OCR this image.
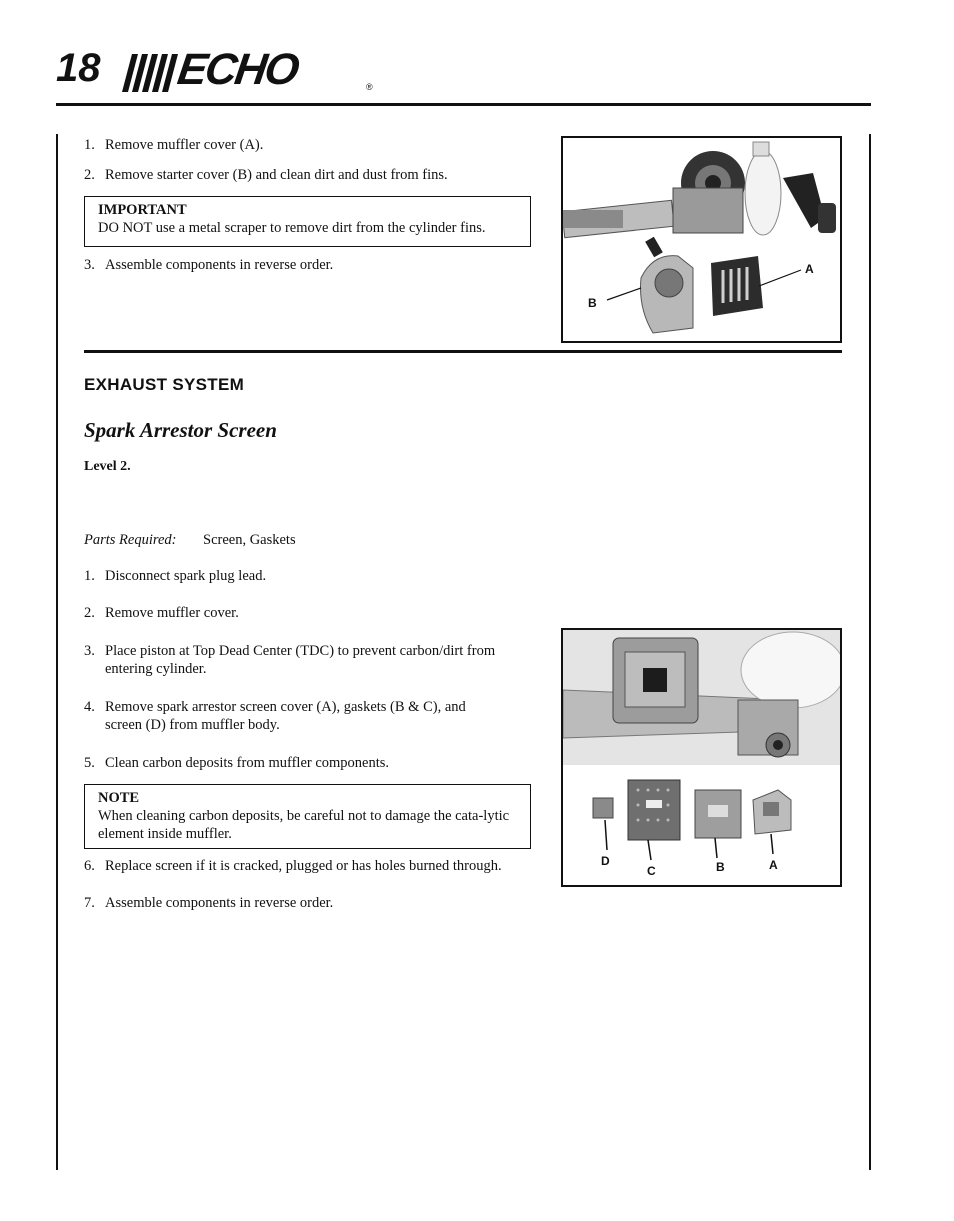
18 ECHO	®
1. Remove muffler cover (A).
2. Remove starter cover (B) and clean dirt and dust from fins.
IMPORTANT
DO NOT use a metal scraper to remove dirt from the cylinder fins.
3. Assemble components in reverse order.	A
B
EXHAUST SYSTEM
Spark Arrestor Screen
Level 2.
Parts Required: Screen, Gaskets
1. Disconnect spark plug lead.
2. Remove muffler cover.
3. Place piston at Top Dead Center (TDC) to prevent carbon/dirt from entering cylinder.
4. Remove spark arrestor screen cover (A), gaskets (B & C), and screen (D) from muffler body.
5. Clean carbon deposits from muffler components.
NOTE
When cleaning carbon deposits, be careful not to damage the cata-lytic element inside muffler.
6. Replace screen if it is cracked, plugged or has holes burned through.
7. Assemble components in reverse order.
D
C	B	A
